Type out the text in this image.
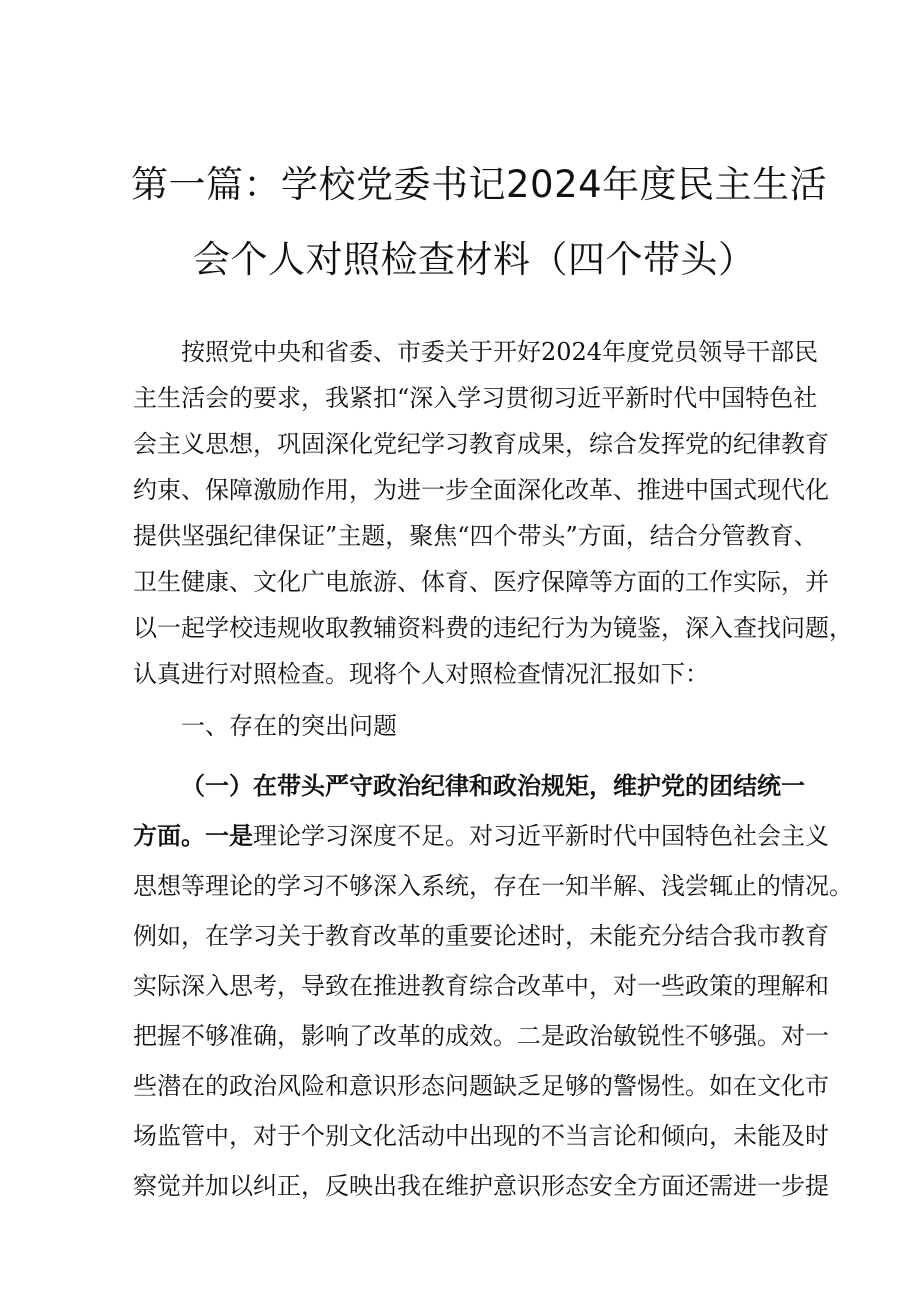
第一篇：学校党委书记2024年度民主生活
会个人对照检查材料（四个带头）
按照党中央和省委、市委关于开好2024年度党员领导干部民
主生活会的要求，我紧扣“深入学习贯彻习近平新时代中国特色社
会主义思想，巩固深化党纪学习教育成果，综合发挥党的纪律教育
约束、保障激励作用，为进一步全面深化改革、推进中国式现代化
提供坚强纪律保证”主题，聚焦“四个带头”方面，结合分管教育、
卫生健康、文化广电旅游、体育、医疗保障等方面的工作实际，并
以一起学校违规收取教辅资料费的违纪行为为镜鉴，深入查找问题，
认真进行对照检查。现将个人对照检查情况汇报如下：
一、存在的突出问题
（一）在带头严守政治纪律和政治规矩，维护党的团结统一
方面。一是理论学习深度不足。对习近平新时代中国特色社会主义
思想等理论的学习不够深入系统，存在一知半解、浅尝辄止的情况。
例如，在学习关于教育改革的重要论述时，未能充分结合我市教育
实际深入思考，导致在推进教育综合改革中，对一些政策的理解和
把握不够准确，影响了改革的成效。二是政治敏锐性不够强。对一
些潜在的政治风险和意识形态问题缺乏足够的警惕性。如在文化市
场监管中，对于个别文化活动中出现的不当言论和倾向，未能及时
察觉并加以纠正，反映出我在维护意识形态安全方面还需进一步提
